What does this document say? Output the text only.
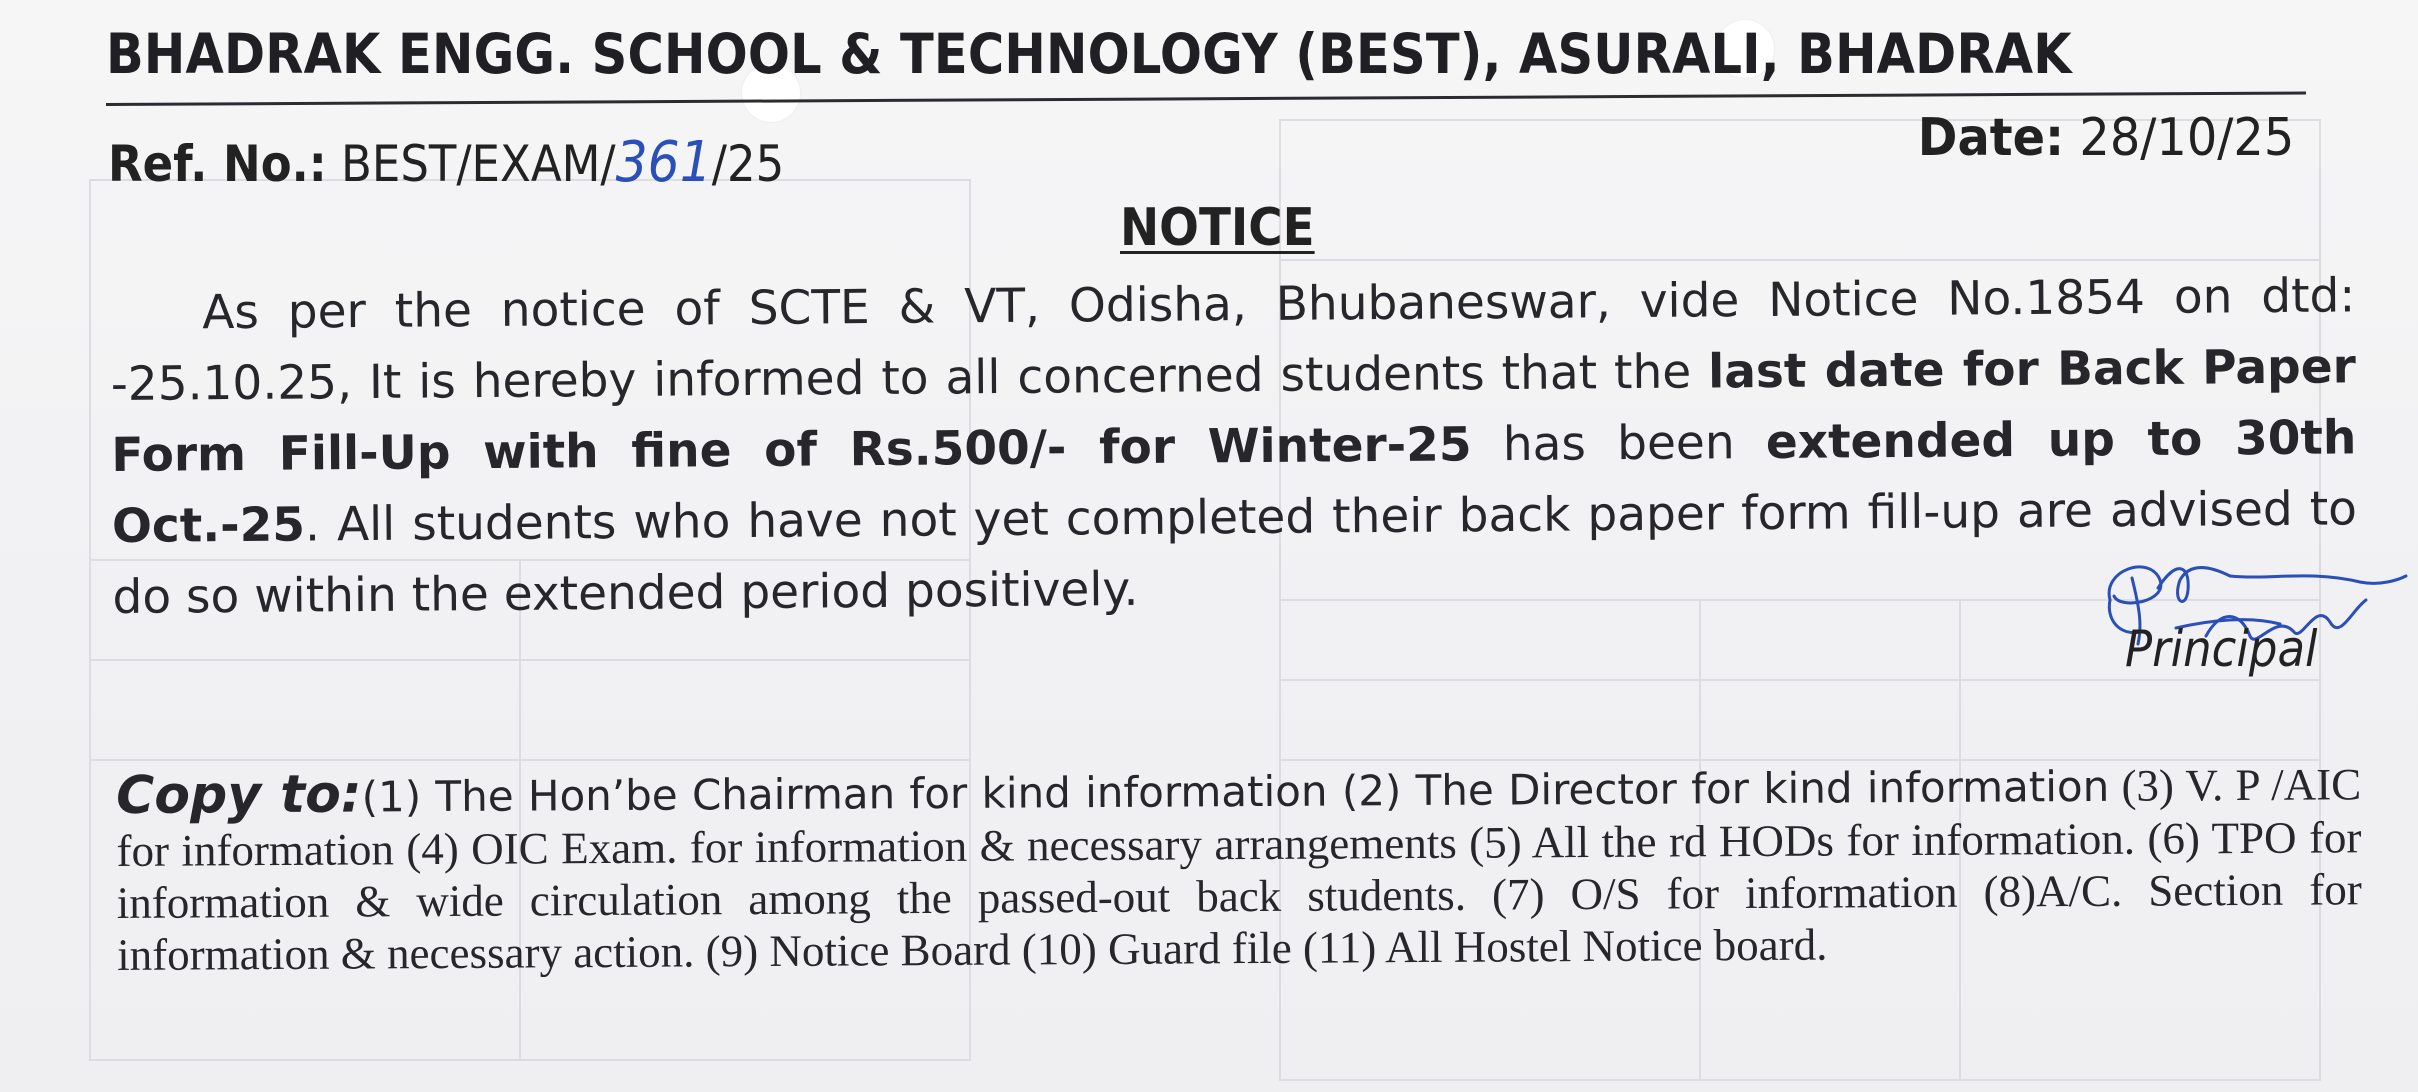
BHADRAK ENGG. SCHOOL & TECHNOLOGY (BEST), ASURALI, BHADRAK
Ref. No.: BEST/EXAM/361/25	Date: 28/10/25
NOTICE
As per the notice of SCTE & VT, Odisha, Bhubaneswar, vide Notice No.1854 on dtd: -25.10.25, It is hereby informed to all concerned students that the last date for Back Paper Form Fill-Up with fine of Rs.500/- for Winter-25 has been extended up to 30th Oct.-25. All students who have not yet completed their back paper form fill-up are advised to do so within the extended period positively.
Principal
Copy to:(1) The Hon’be Chairman for kind information (2) The Director for kind information (3) V. P /AIC for information (4) OIC Exam. for information & necessary arrangements (5) All the rd HODs for information. (6) TPO for information & wide circulation among the passed-out back students. (7) O/S for information (8)A/C. Section for information & necessary action. (9) Notice Board (10) Guard file (11) All Hostel Notice board.
